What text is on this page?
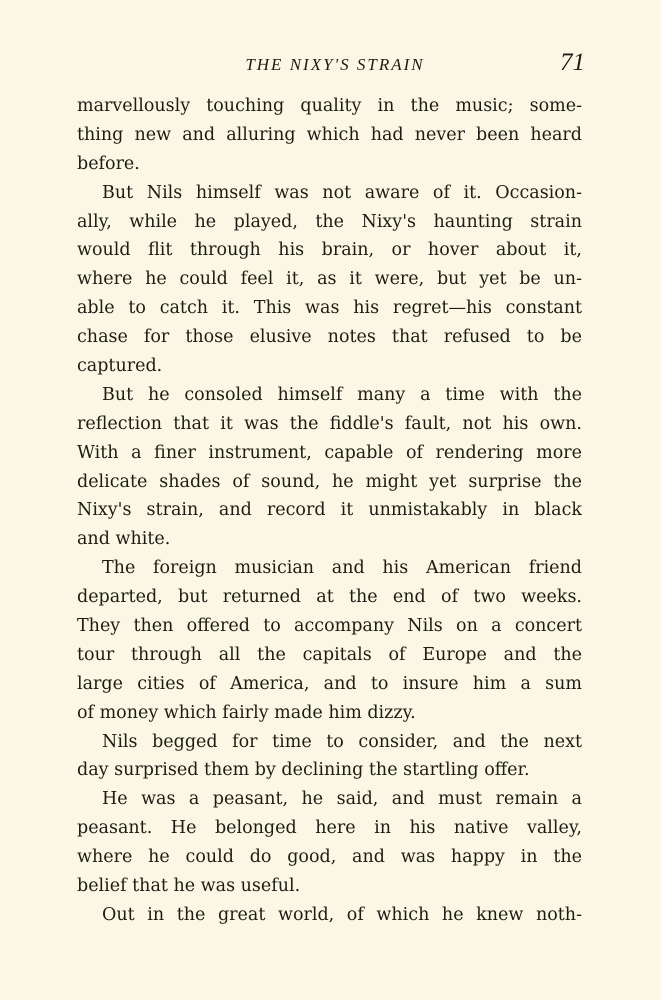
THE NIXY'S STRAIN	71
marvellously touching quality in the music; some-
thing new and alluring which had never been heard
before.
But Nils himself was not aware of it. Occasion-
ally, while he played, the Nixy's haunting strain
would flit through his brain, or hover about it,
where he could feel it, as it were, but yet be un-
able to catch it. This was his regret—his constant
chase for those elusive notes that refused to be
captured.
But he consoled himself many a time with the
reflection that it was the fiddle's fault, not his own.
With a finer instrument, capable of rendering more
delicate shades of sound, he might yet surprise the
Nixy's strain, and record it unmistakably in black
and white.
The foreign musician and his American friend
departed, but returned at the end of two weeks.
They then offered to accompany Nils on a concert
tour through all the capitals of Europe and the
large cities of America, and to insure him a sum
of money which fairly made him dizzy.
Nils begged for time to consider, and the next
day surprised them by declining the startling offer.
He was a peasant, he said, and must remain a
peasant. He belonged here in his native valley,
where he could do good, and was happy in the
belief that he was useful.
Out in the great world, of which he knew noth-
